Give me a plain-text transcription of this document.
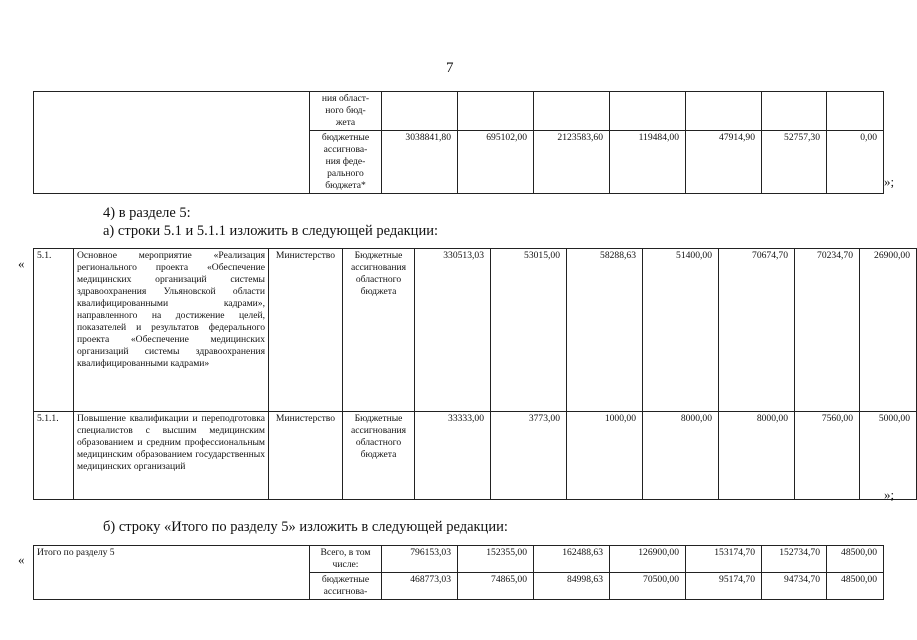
7
	ния област-
ного бюд-
жета							
	бюджетные
ассигнова-
ния феде-
рального
бюджета*	3038841,80	695102,00	2123583,60	119484,00	47914,90	52757,30	0,00
»;
4) в разделе 5:
а) строки 5.1 и 5.1.1 изложить в следующей редакции:
«
5.1.	Основное мероприятие «Реализация регионального проекта «Обеспечение медицинских организаций системы здравоохранения Ульяновской области квалифицированными кадрами», направленного на достижение целей, показателей и результатов федерального проекта «Обеспечение медицинских организаций системы здравоохранения квалифицированными кадрами»	Министерство	Бюджетные ассигнования областного бюджета	330513,03	53015,00	58288,63	51400,00	70674,70	70234,70	26900,00
5.1.1.	Повышение квалификации и переподготовка специалистов с высшим медицинским образованием и средним профессиональным медицинским образованием государственных медицинских организаций	Министерство	Бюджетные ассигнования областного бюджета	33333,00	3773,00	1000,00	8000,00	8000,00	7560,00	5000,00
»;
б) строку «Итого по разделу 5» изложить в следующей редакции:
« Итого по разделу 5	Всего, в том числе:	796153,03	152355,00	162488,63	126900,00	153174,70	152734,70	48500,00
	бюджетные ассигнова-	468773,03	74865,00	84998,63	70500,00	95174,70	94734,70	48500,00
